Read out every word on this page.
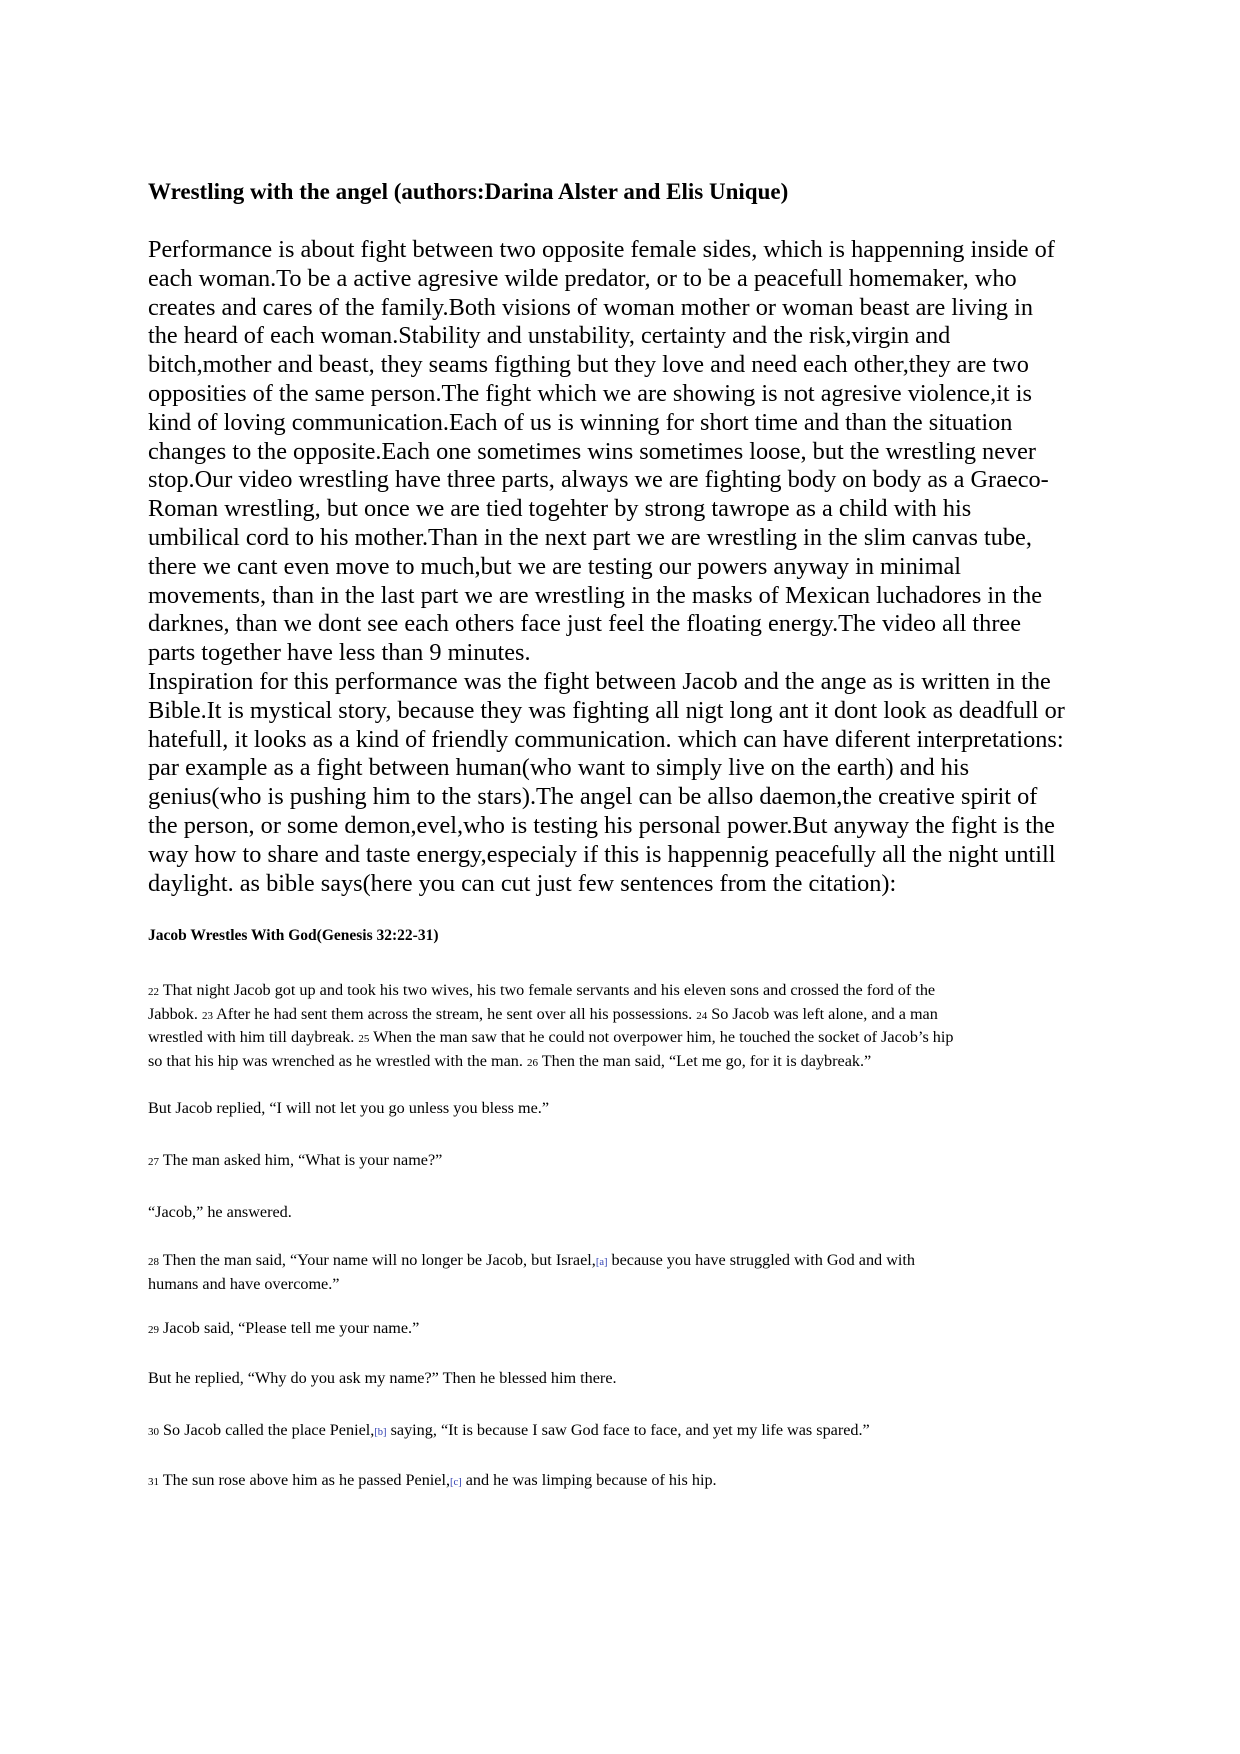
Wrestling with the angel (authors:Darina Alster and Elis Unique)
Performance is about fight between two opposite female sides, which is happenning inside of
each woman.To be a active agresive wilde predator, or to be a peacefull homemaker, who
creates and cares of the family.Both visions of woman mother or woman beast are living in
the heard of each woman.Stability and unstability, certainty and the risk,virgin and
bitch,mother and beast, they seams figthing but they love and need each other,they are two
opposities of the same person.The fight which we are showing is not agresive violence,it is
kind of loving communication.Each of us is winning for short time and than the situation
changes to the opposite.Each one sometimes wins sometimes loose, but the wrestling never
stop.Our video wrestling have three parts, always we are fighting body on body as a Graeco-
Roman wrestling, but once we are tied togehter by strong tawrope as a child with his
umbilical cord to his mother.Than in the next part we are wrestling in the slim canvas tube,
there we cant even move to much,but we are testing our powers anyway in minimal
movements, than in the last part we are wrestling in the masks of Mexican luchadores in the
darknes, than we dont see each others face just feel the floating energy.The video all three
parts together have less than 9 minutes.
Inspiration for this performance was the fight between Jacob and the ange as is written in the
Bible.It is mystical story, because they was fighting all nigt long ant it dont look as deadfull or
hatefull, it looks as a kind of friendly communication. which can have diferent interpretations:
par example as a fight between human(who want to simply live on the earth) and his
genius(who is pushing him to the stars).The angel can be allso daemon,the creative spirit of
the person, or some demon,evel,who is testing his personal power.But anyway the fight is the
way how to share and taste energy,especialy if this is happennig peacefully all the night untill
daylight. as bible says(here you can cut just few sentences from the citation):
Jacob Wrestles With God(Genesis 32:22-31)
22 That night Jacob got up and took his two wives, his two female servants and his eleven sons and crossed the ford of the
Jabbok. 23 After he had sent them across the stream, he sent over all his possessions. 24 So Jacob was left alone, and a man
wrestled with him till daybreak. 25 When the man saw that he could not overpower him, he touched the socket of Jacob’s hip
so that his hip was wrenched as he wrestled with the man. 26 Then the man said, “Let me go, for it is daybreak.”
But Jacob replied, “I will not let you go unless you bless me.”
27 The man asked him, “What is your name?”
“Jacob,” he answered.
28 Then the man said, “Your name will no longer be Jacob, but Israel,[a] because you have struggled with God and with
humans and have overcome.”
29 Jacob said, “Please tell me your name.”
But he replied, “Why do you ask my name?” Then he blessed him there.
30 So Jacob called the place Peniel,[b] saying, “It is because I saw God face to face, and yet my life was spared.”
31 The sun rose above him as he passed Peniel,[c] and he was limping because of his hip.
